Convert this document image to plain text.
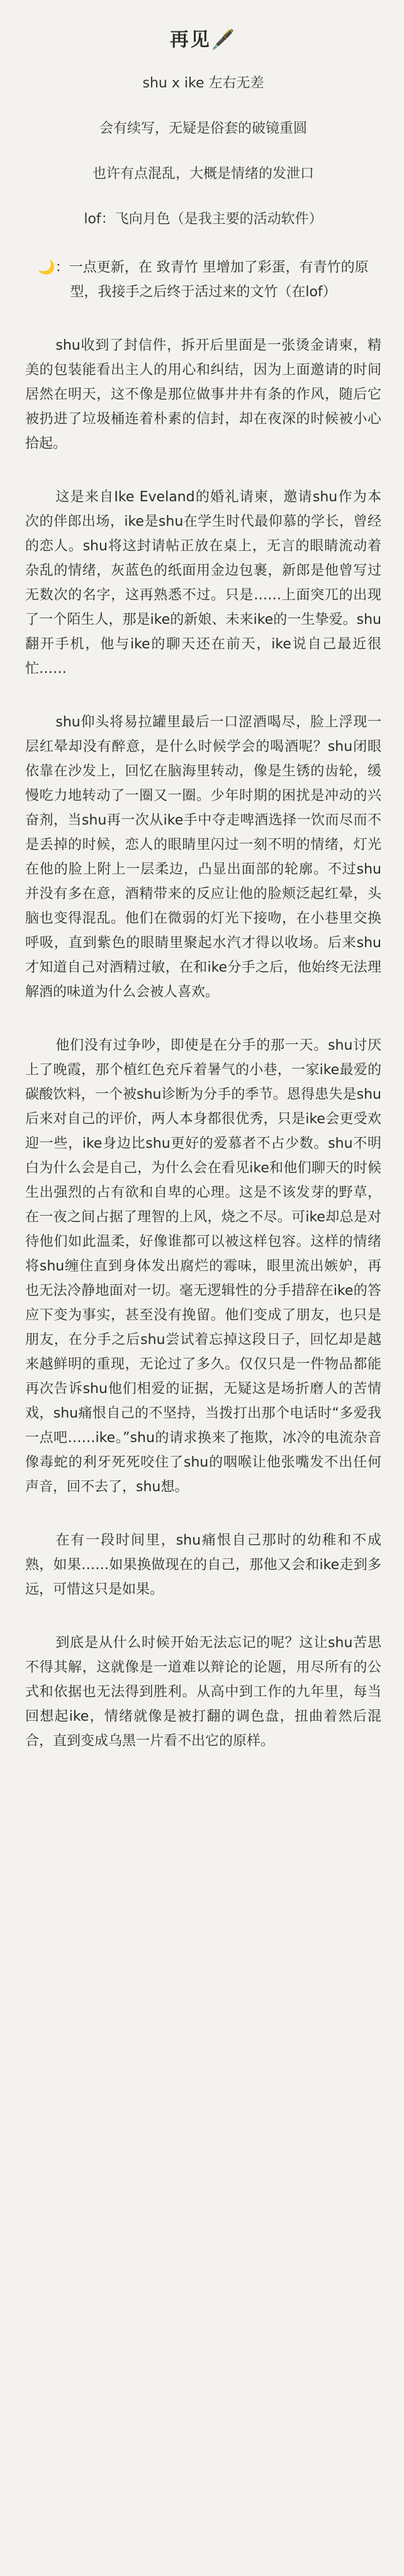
再见🖋️

shu x ike 左右无差

会有续写，无疑是俗套的破镜重圆

也许有点混乱，大概是情绪的发泄口

lof：飞向月色（是我主要的活动软件）

🌙：一点更新，在 致青竹 里增加了彩蛋，有青竹的原型，我接手之后终于活过来的文竹（在lof）

shu收到了封信件，拆开后里面是一张烫金请柬，精美的包装能看出主人的用心和纠结，因为上面邀请的时间居然在明天，这不像是那位做事井井有条的作风，随后它被扔进了垃圾桶连着朴素的信封，却在夜深的时候被小心拾起。

这是来自Ike Eveland的婚礼请柬，邀请shu作为本次的伴郎出场，ike是shu在学生时代最仰慕的学长，曾经的恋人。shu将这封请帖正放在桌上，无言的眼睛流动着杂乱的情绪，灰蓝色的纸面用金边包裹，新郎是他曾写过无数次的名字，这再熟悉不过。只是……上面突兀的出现了一个陌生人，那是ike的新娘、未来ike的一生挚爱。shu翻开手机，他与ike的聊天还在前天，ike说自己最近很忙……

shu仰头将易拉罐里最后一口涩酒喝尽，脸上浮现一层红晕却没有醉意，是什么时候学会的喝酒呢？shu闭眼依靠在沙发上，回忆在脑海里转动，像是生锈的齿轮，缓慢吃力地转动了一圈又一圈。少年时期的困扰是冲动的兴奋剂，当shu再一次从ike手中夺走啤酒选择一饮而尽而不是丢掉的时候，恋人的眼睛里闪过一刻不明的情绪，灯光在他的脸上附上一层柔边，凸显出面部的轮廓。不过shu并没有多在意，酒精带来的反应让他的脸颊泛起红晕，头脑也变得混乱。他们在微弱的灯光下接吻，在小巷里交换呼吸，直到紫色的眼睛里聚起水汽才得以收场。后来shu才知道自己对酒精过敏，在和ike分手之后，他始终无法理解酒的味道为什么会被人喜欢。

他们没有过争吵，即使是在分手的那一天。shu讨厌上了晚霞，那个植红色充斥着暑气的小巷，一家ike最爱的碳酸饮料，一个被shu诊断为分手的季节。恩得患失是shu后来对自己的评价，两人本身都很优秀，只是ike会更受欢迎一些，ike身边比shu更好的爱慕者不占少数。shu不明白为什么会是自己，为什么会在看见ike和他们聊天的时候生出强烈的占有欲和自卑的心理。这是不该发芽的野草，在一夜之间占据了理智的上风，烧之不尽。可ike却总是对待他们如此温柔，好像谁都可以被这样包容。这样的情绪将shu缠住直到身体发出腐烂的霉味，眼里流出嫉妒，再也无法冷静地面对一切。毫无逻辑性的分手措辞在ike的答应下变为事实，甚至没有挽留。他们变成了朋友，也只是朋友，在分手之后shu尝试着忘掉这段日子，回忆却是越来越鲜明的重现，无论过了多久。仅仅只是一件物品都能再次告诉shu他们相爱的证据，无疑这是场折磨人的苦情戏，shu痛恨自己的不坚持，当拨打出那个电话时“多爱我一点吧……ike。”shu的请求换来了拖欺，冰冷的电流杂音像毒蛇的利牙死死咬住了shu的咽喉让他张嘴发不出任何声音，回不去了，shu想。

在有一段时间里，shu痛恨自己那时的幼稚和不成熟，如果……如果换做现在的自己，那他又会和ike走到多远，可惜这只是如果。

到底是从什么时候开始无法忘记的呢？这让shu苦思不得其解，这就像是一道难以辩论的论题，用尽所有的公式和依据也无法得到胜利。从高中到工作的九年里，每当回想起ike，情绪就像是被打翻的调色盘，扭曲着然后混合，直到变成乌黑一片看不出它的原样。
